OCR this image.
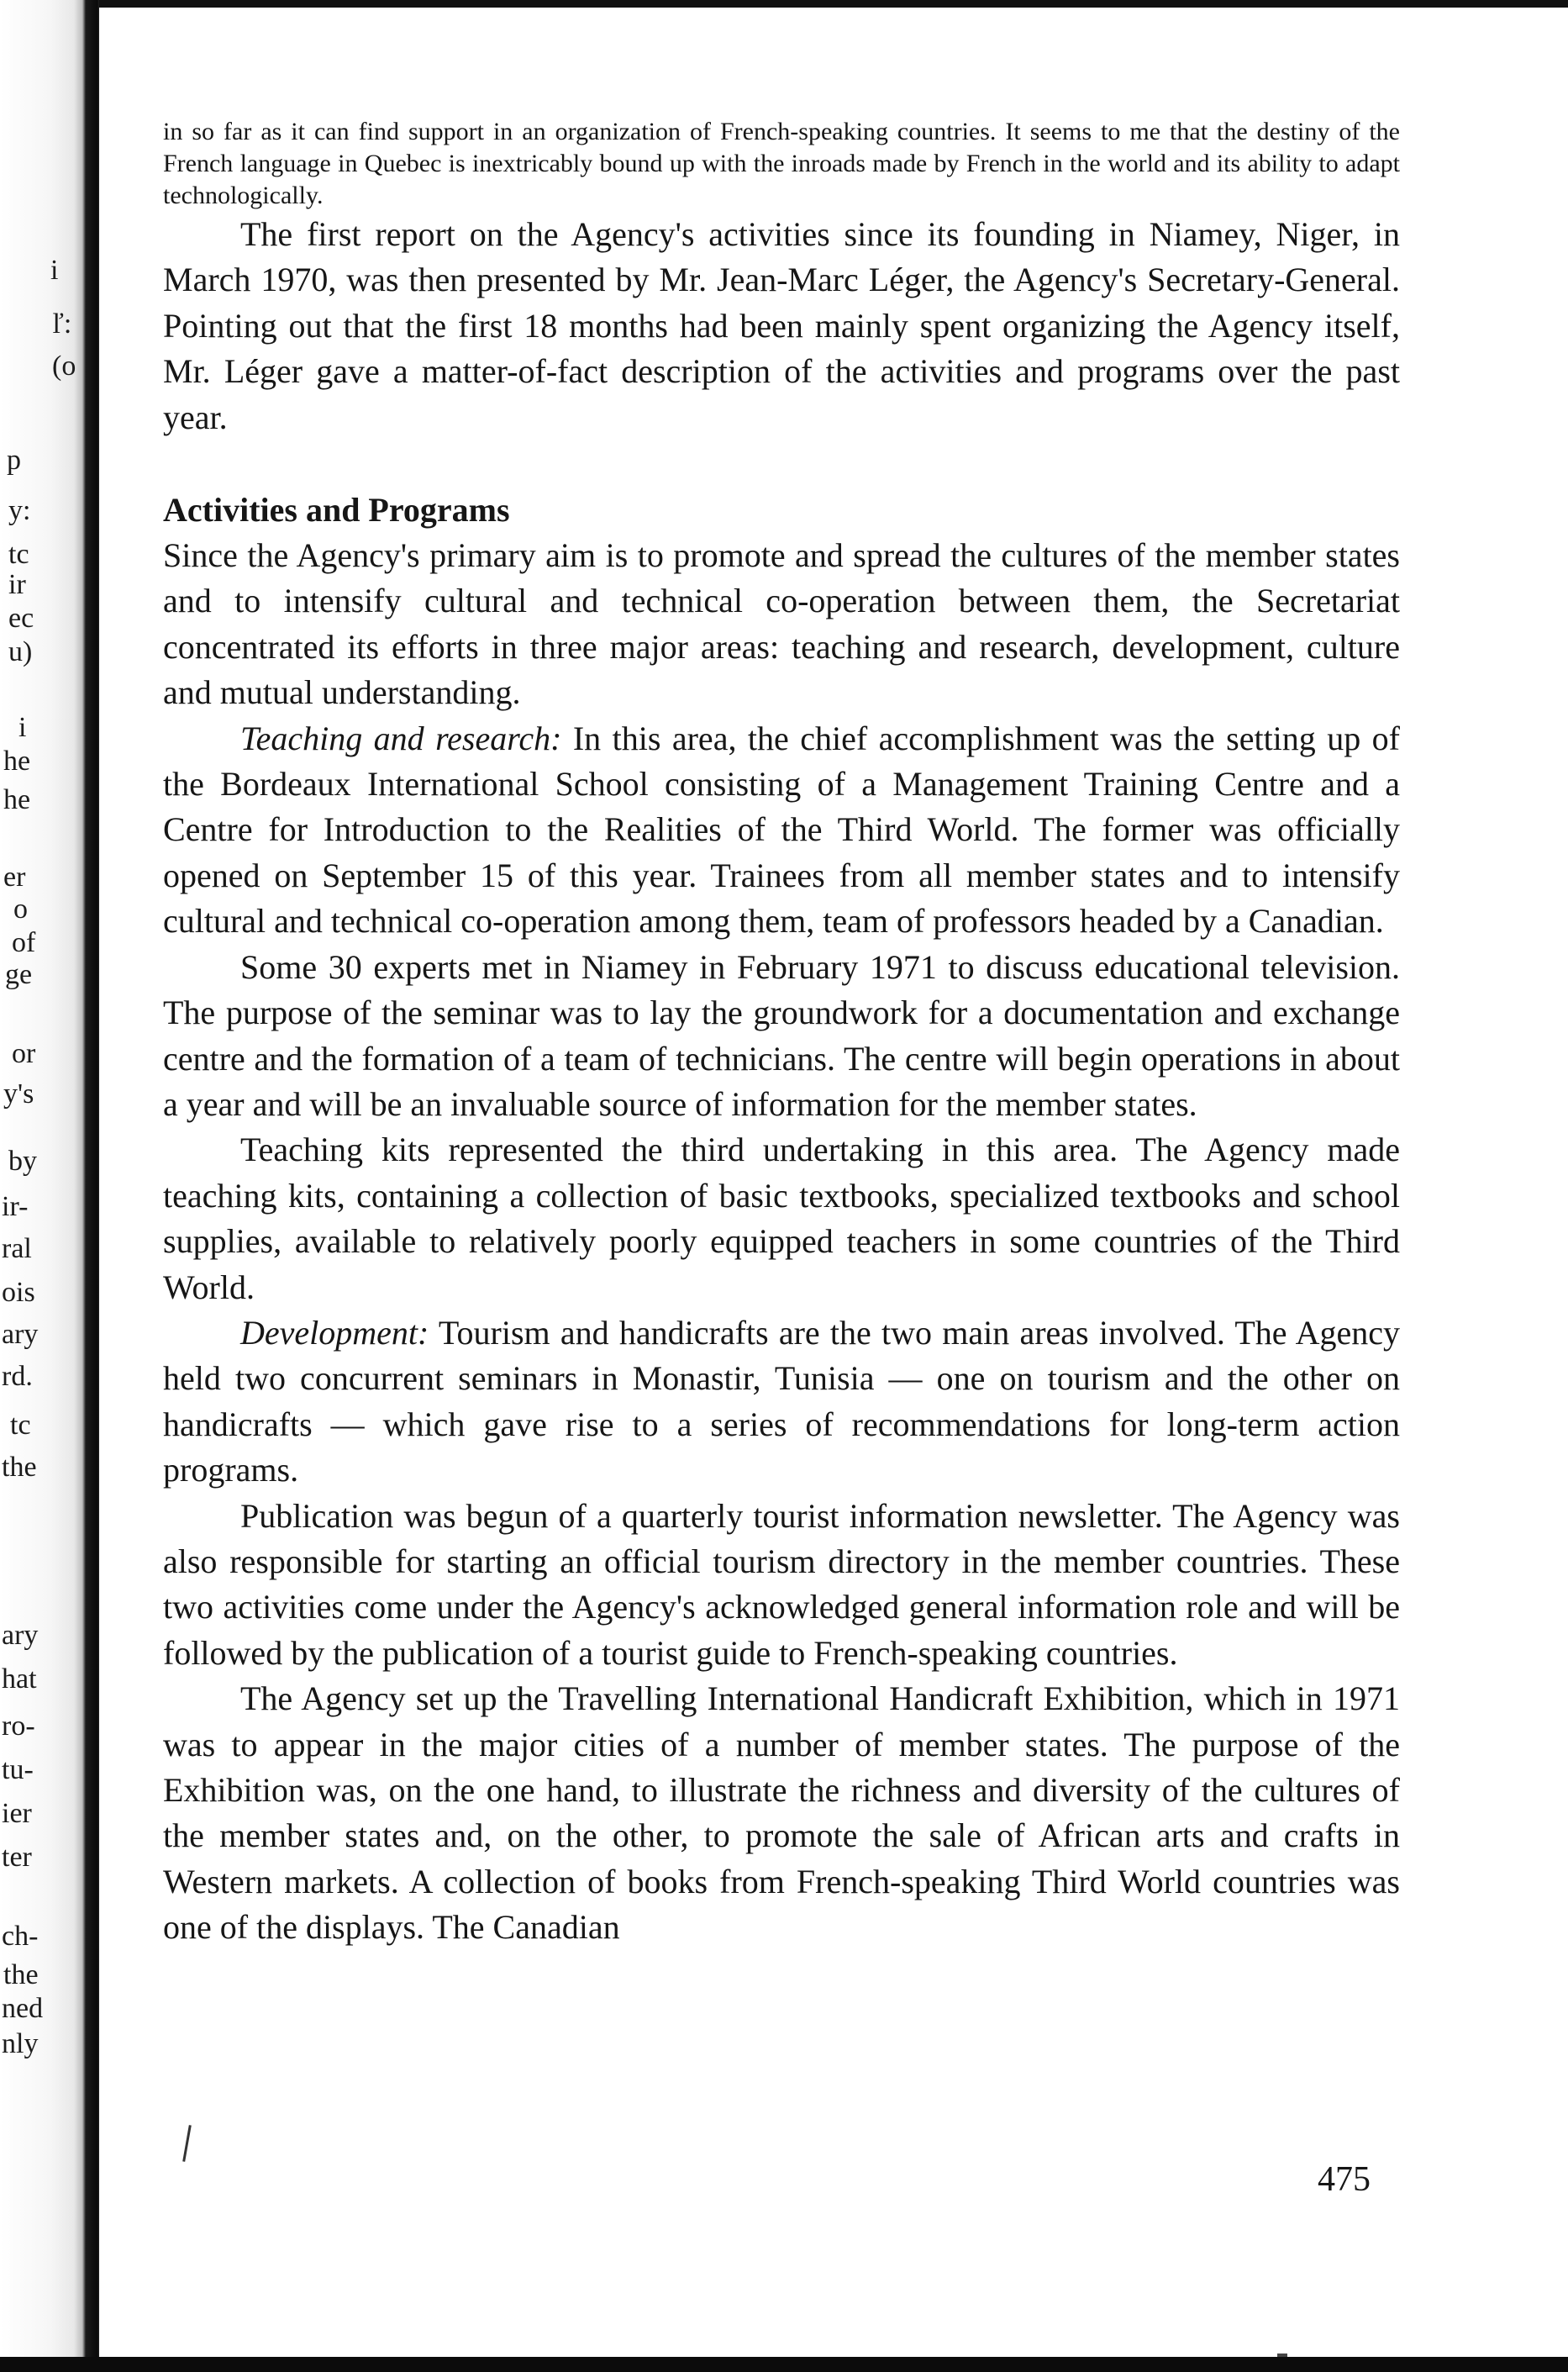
i
ľ:
(o
p
y:
tc
ir
ec
u)
i
he
he
er
o
of
ge
or
y's
by
ir-
ral
ois
ary
rd.
tc
the
ary
hat
ro-
tu-
ier
ter
ch-
the
ned
nly

in so far as it can find support in an organization of French-speaking countries. It seems to me that the destiny of the French language in Quebec is inextricably bound up with the inroads made by French in the world and its ability to adapt technologically.

The first report on the Agency's activities since its founding in Niamey, Niger, in March 1970, was then presented by Mr. Jean-Marc Léger, the Agency's Secretary-General. Pointing out that the first 18 months had been mainly spent organizing the Agency itself, Mr. Léger gave a matter-of-fact description of the activities and programs over the past year.

Activities and Programs

Since the Agency's primary aim is to promote and spread the cultures of the member states and to intensify cultural and technical co-operation between them, the Secretariat concentrated its efforts in three major areas: teaching and research, development, culture and mutual understanding.

Teaching and research: In this area, the chief accomplishment was the setting up of the Bordeaux International School consisting of a Management Training Centre and a Centre for Introduction to the Realities of the Third World. The former was officially opened on September 15 of this year. Trainees from all member states and to intensify cultural and technical co-operation among them, team of professors headed by a Canadian.

Some 30 experts met in Niamey in February 1971 to discuss educational television. The purpose of the seminar was to lay the groundwork for a documentation and exchange centre and the formation of a team of technicians. The centre will begin operations in about a year and will be an invaluable source of information for the member states.

Teaching kits represented the third undertaking in this area. The Agency made teaching kits, containing a collection of basic textbooks, specialized textbooks and school supplies, available to relatively poorly equipped teachers in some countries of the Third World.

Development: Tourism and handicrafts are the two main areas involved. The Agency held two concurrent seminars in Monastir, Tunisia — one on tourism and the other on handicrafts — which gave rise to a series of recommendations for long-term action programs.

Publication was begun of a quarterly tourist information newsletter. The Agency was also responsible for starting an official tourism directory in the member countries. These two activities come under the Agency's acknowledged general information role and will be followed by the publication of a tourist guide to French-speaking countries.

The Agency set up the Travelling International Handicraft Exhibition, which in 1971 was to appear in the major cities of a number of member states. The purpose of the Exhibition was, on the one hand, to illustrate the richness and diversity of the cultures of the member states and, on the other, to promote the sale of African arts and crafts in Western markets. A collection of books from French-speaking Third World countries was one of the displays. The Canadian

475
